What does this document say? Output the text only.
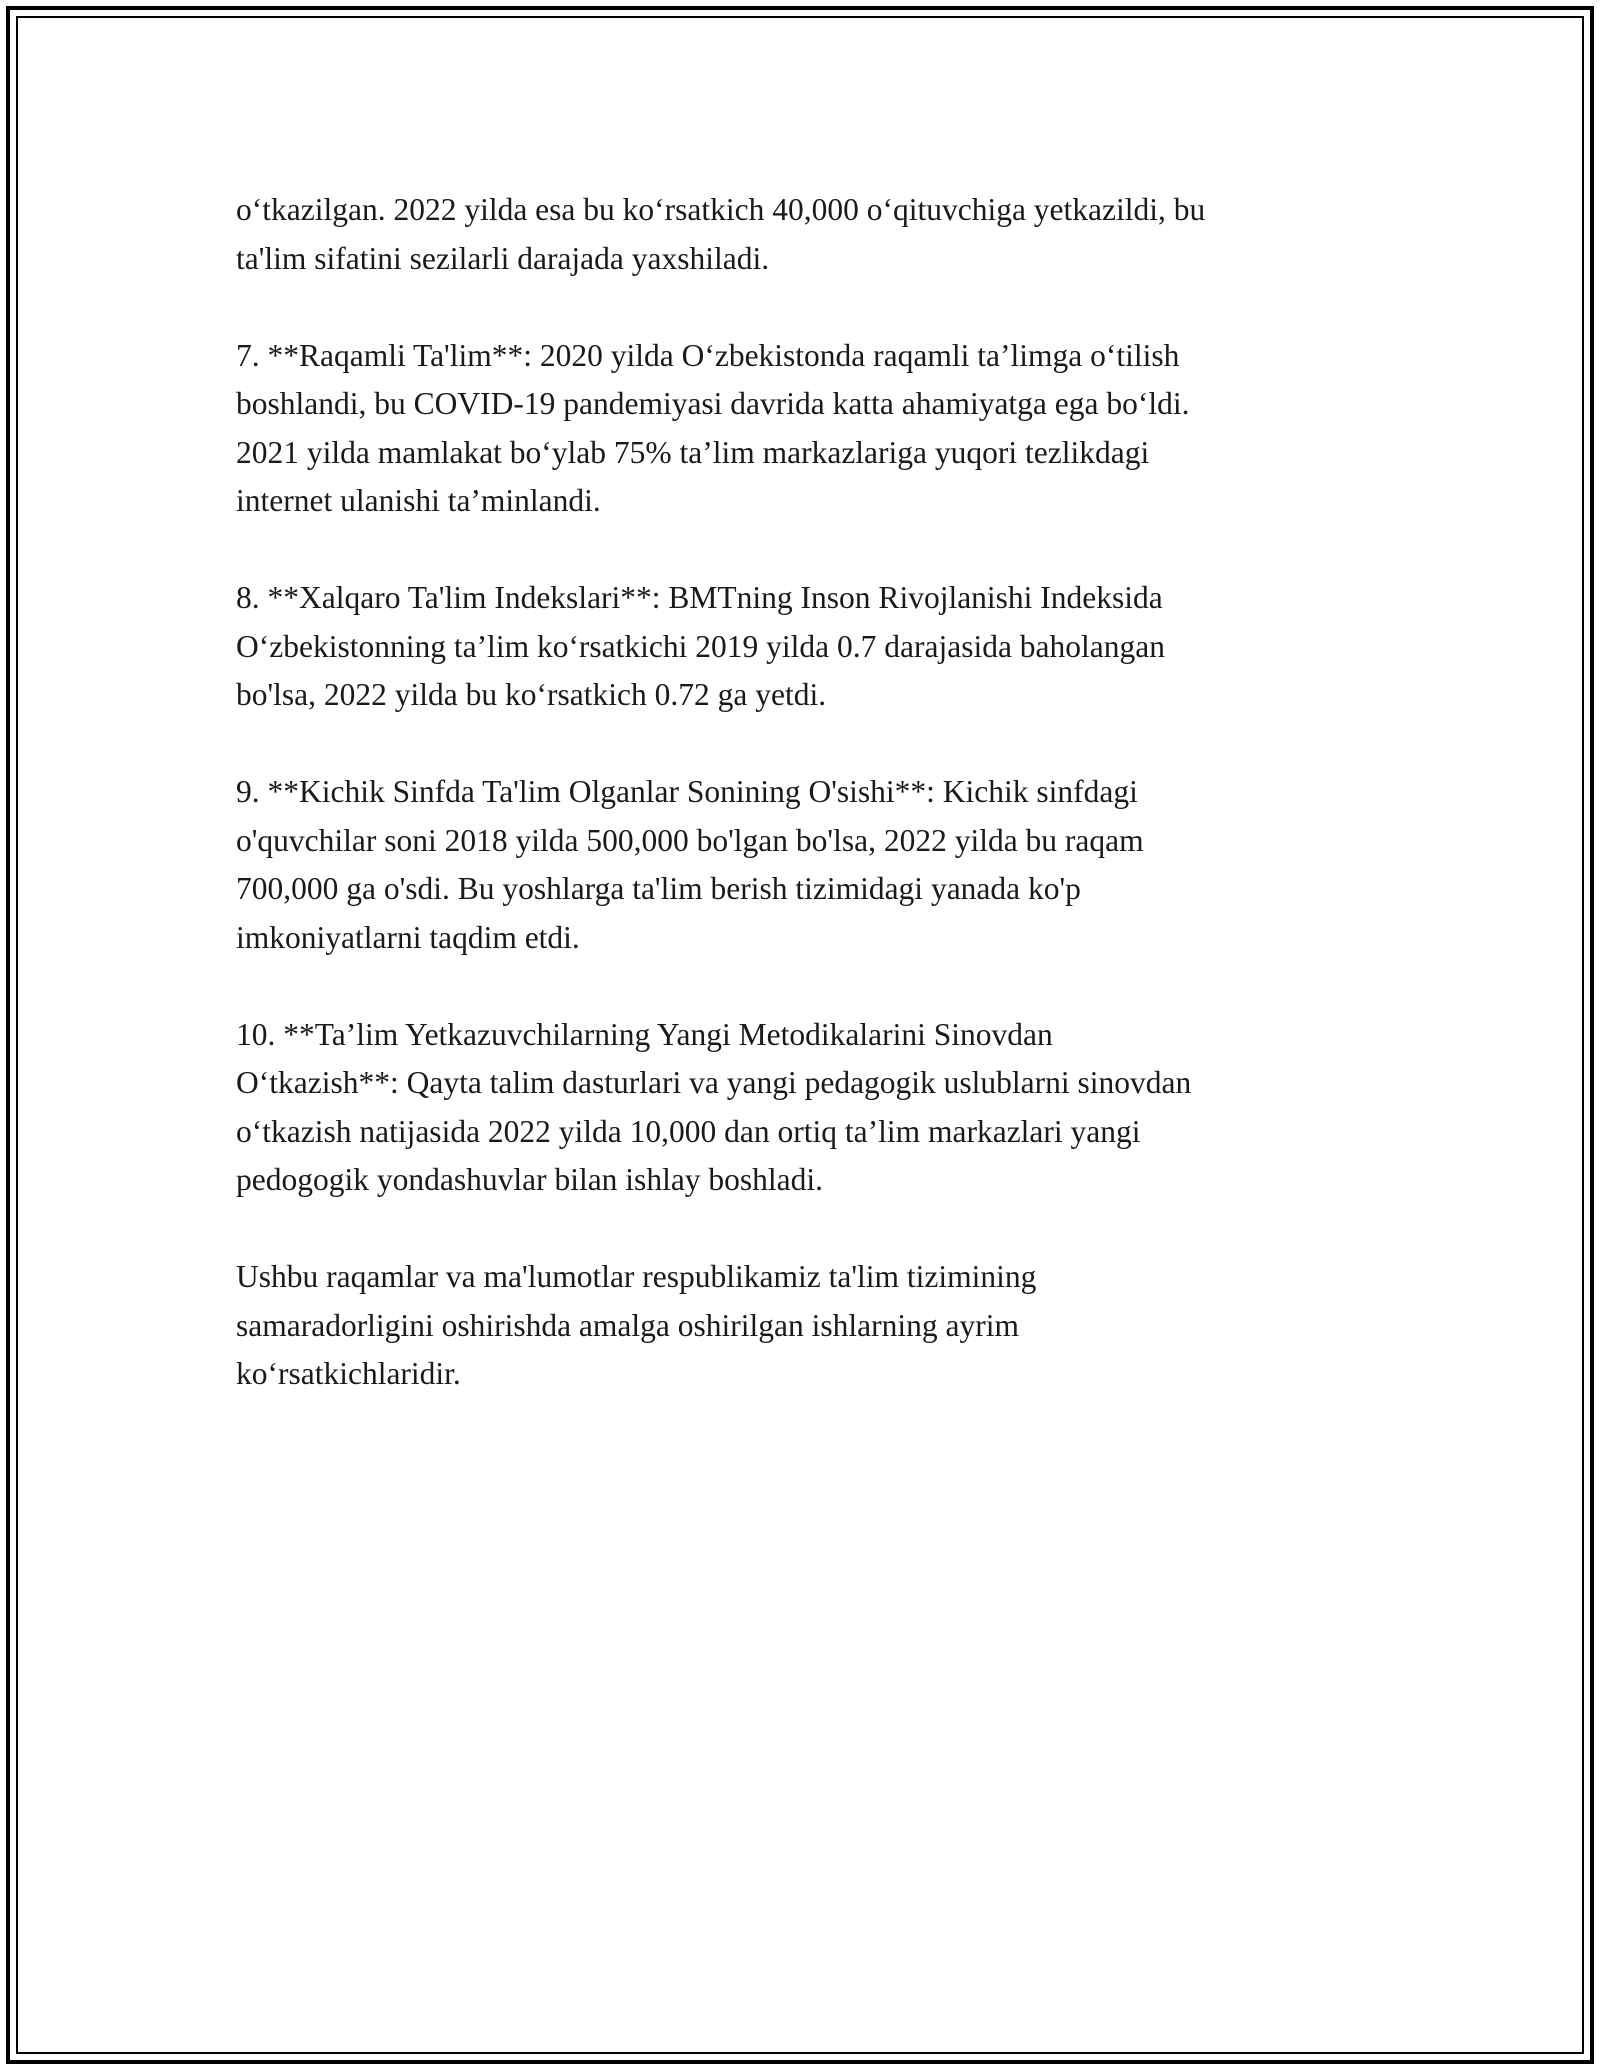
o‘tkazilgan. 2022 yilda esa bu ko‘rsatkich 40,000 o‘qituvchiga yetkazildi, bu
ta'lim sifatini sezilarli darajada yaxshiladi.

7. **Raqamli Ta'lim**: 2020 yilda O‘zbekistonda raqamli ta’limga o‘tilish
boshlandi, bu COVID-19 pandemiyasi davrida katta ahamiyatga ega bo‘ldi.
2021 yilda mamlakat bo‘ylab 75% ta’lim markazlariga yuqori tezlikdagi
internet ulanishi ta’minlandi.

8. **Xalqaro Ta'lim Indekslari**: BMTning Inson Rivojlanishi Indeksida
O‘zbekistonning ta’lim ko‘rsatkichi 2019 yilda 0.7 darajasida baholangan
bo'lsa, 2022 yilda bu ko‘rsatkich 0.72 ga yetdi.

9. **Kichik Sinfda Ta'lim Olganlar Sonining O'sishi**: Kichik sinfdagi
o'quvchilar soni 2018 yilda 500,000 bo'lgan bo'lsa, 2022 yilda bu raqam
700,000 ga o'sdi. Bu yoshlarga ta'lim berish tizimidagi yanada ko'p
imkoniyatlarni taqdim etdi.

10. **Ta’lim Yetkazuvchilarning Yangi Metodikalarini Sinovdan
O‘tkazish**: Qayta talim dasturlari va yangi pedagogik uslublarni sinovdan
o‘tkazish natijasida 2022 yilda 10,000 dan ortiq ta’lim markazlari yangi
pedogogik yondashuvlar bilan ishlay boshladi.

Ushbu raqamlar va ma'lumotlar respublikamiz ta'lim tizimining
samaradorligini oshirishda amalga oshirilgan ishlarning ayrim
ko‘rsatkichlaridir.
